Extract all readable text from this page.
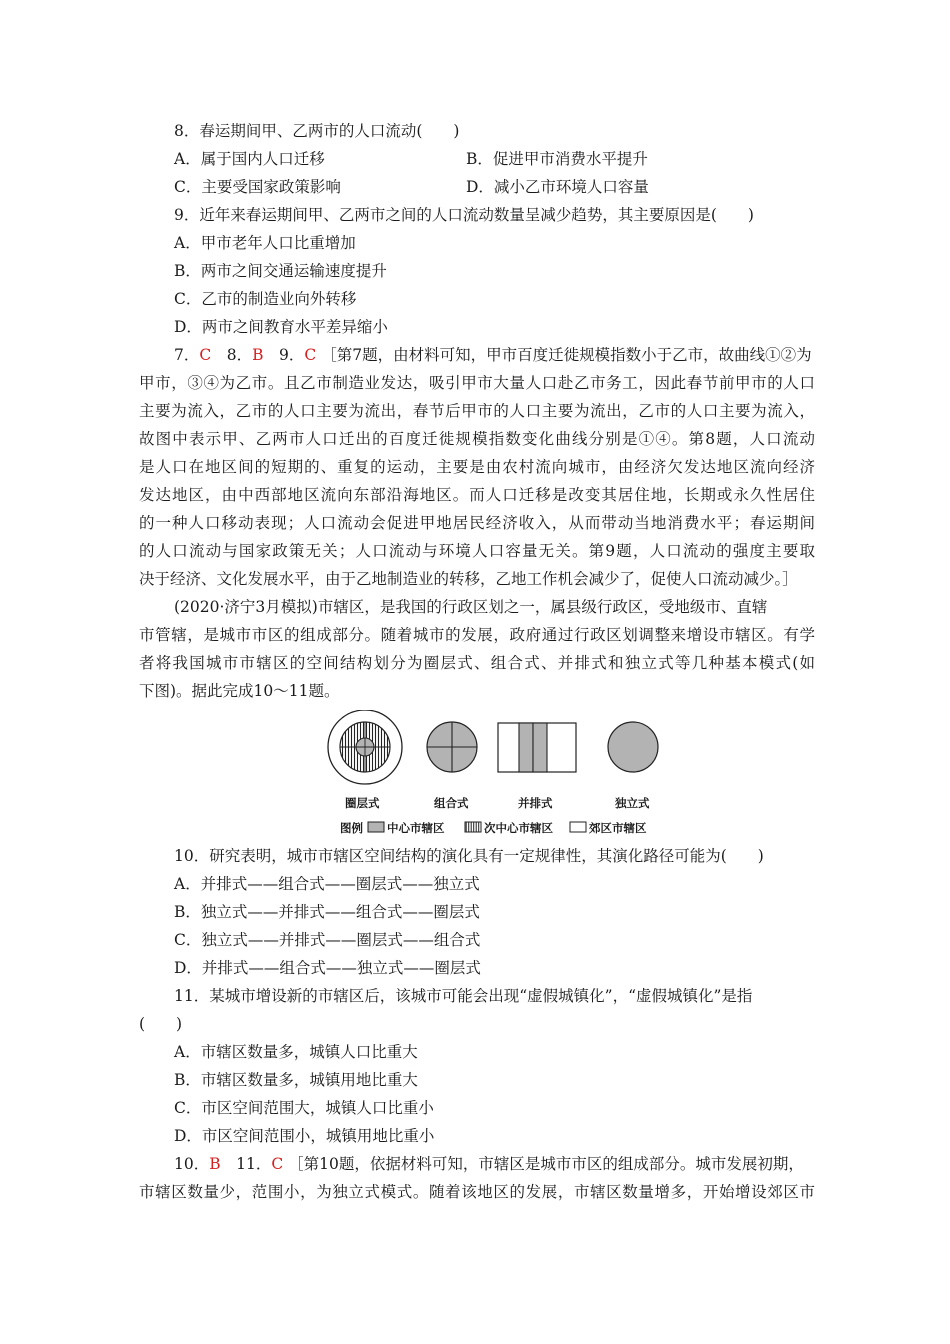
8．春运期间甲、乙两市的人口流动(　　)
A．属于国内人口迁移	B．促进甲市消费水平提升
C．主要受国家政策影响	D．减小乙市环境人口容量
9．近年来春运期间甲、乙两市之间的人口流动数量呈减少趋势，其主要原因是(　　)
A．甲市老年人口比重增加
B．两市之间交通运输速度提升
C．乙市的制造业向外转移
D．两市之间教育水平差异缩小
7．C　8．B　9．C ［第7题，由材料可知，甲市百度迁徙规模指数小于乙市，故曲线①②为
甲市，③④为乙市。且乙市制造业发达，吸引甲市大量人口赴乙市务工，因此春节前甲市的人口
主要为流入，乙市的人口主要为流出，春节后甲市的人口主要为流出，乙市的人口主要为流入，
故图中表示甲、乙两市人口迁出的百度迁徙规模指数变化曲线分别是①④。第8题，人口流动
是人口在地区间的短期的、重复的运动，主要是由农村流向城市，由经济欠发达地区流向经济
发达地区，由中西部地区流向东部沿海地区。而人口迁移是改变其居住地，长期或永久性居住
的一种人口移动表现；人口流动会促进甲地居民经济收入，从而带动当地消费水平；春运期间
的人口流动与国家政策无关；人口流动与环境人口容量无关。第9题，人口流动的强度主要取
决于经济、文化发展水平，由于乙地制造业的转移，乙地工作机会减少了，促使人口流动减少。］
(2020·济宁3月模拟)市辖区，是我国的行政区划之一，属县级行政区，受地级市、直辖
市管辖，是城市市区的组成部分。随着城市的发展，政府通过行政区划调整来增设市辖区。有学
者将我国城市市辖区的空间结构划分为圈层式、组合式、并排式和独立式等几种基本模式(如
下图)。据此完成10～11题。
圈层式	组合式	并排式	独立式
图例 中心市辖区	次中心市辖区	郊区市辖区
10．研究表明，城市市辖区空间结构的演化具有一定规律性，其演化路径可能为(　　)
A．并排式——组合式——圈层式——独立式
B．独立式——并排式——组合式——圈层式
C．独立式——并排式——圈层式——组合式
D．并排式——组合式——独立式——圈层式
11．某城市增设新的市辖区后，该城市可能会出现“虚假城镇化”，“虚假城镇化”是指
(　　)
A．市辖区数量多，城镇人口比重大
B．市辖区数量多，城镇用地比重大
C．市区空间范围大，城镇人口比重小
D．市区空间范围小，城镇用地比重小
10．B　11．C ［第10题，依据材料可知，市辖区是城市市区的组成部分。城市发展初期，
市辖区数量少，范围小，为独立式模式。随着该地区的发展，市辖区数量增多，开始增设郊区市
